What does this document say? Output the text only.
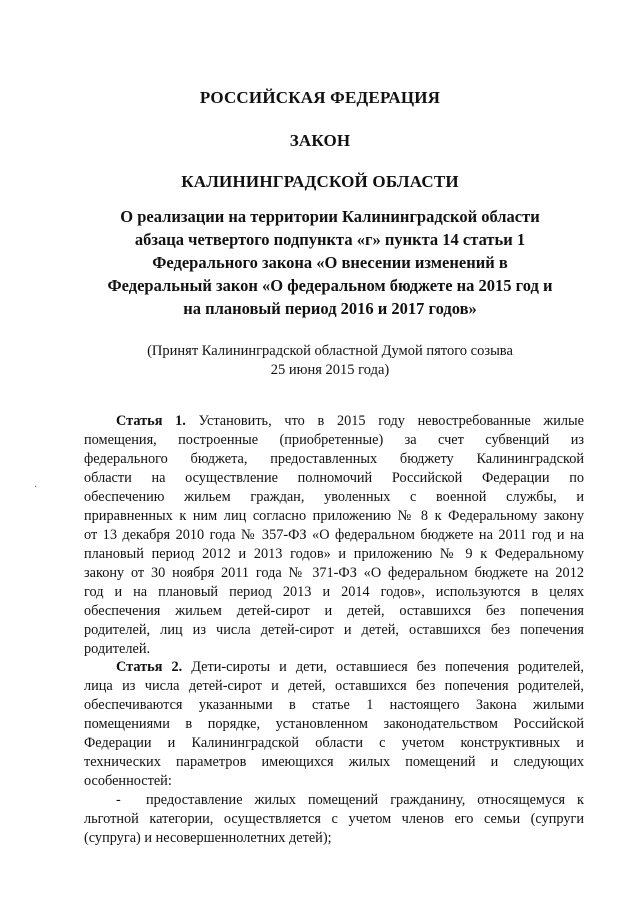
РОССИЙСКАЯ ФЕДЕРАЦИЯ
ЗАКОН
КАЛИНИНГРАДСКОЙ ОБЛАСТИ
О реализации на территории Калининградской области
абзаца четвертого подпункта «г» пункта 14 статьи 1
Федерального закона «О внесении изменений в
Федеральный закон «О федеральном бюджете на 2015 год и
на плановый период 2016 и 2017 годов»
(Принят Калининградской областной Думой пятого созыва
25 июня 2015 года)
·
Статья 1. Установить, что в 2015 году невостребованные жилые
помещения, построенные (приобретенные) за счет субвенций из
федерального бюджета, предоставленных бюджету Калининградской
области на осуществление полномочий Российской Федерации по
обеспечению жильем граждан, уволенных с военной службы, и
приравненных к ним лиц согласно приложению № 8 к Федеральному закону
от 13 декабря 2010 года № 357-ФЗ «О федеральном бюджете на 2011 год и на
плановый период 2012 и 2013 годов» и приложению № 9 к Федеральному
закону от 30 ноября 2011 года № 371-ФЗ «О федеральном бюджете на 2012
год и на плановый период 2013 и 2014 годов», используются в целях
обеспечения жильем детей-сирот и детей, оставшихся без попечения
родителей, лиц из числа детей-сирот и детей, оставшихся без попечения
родителей.
Статья 2. Дети-сироты и дети, оставшиеся без попечения родителей,
лица из числа детей-сирот и детей, оставшихся без попечения родителей,
обеспечиваются указанными в статье 1 настоящего Закона жилыми
помещениями в порядке, установленном законодательством Российской
Федерации и Калининградской области с учетом конструктивных и
технических параметров имеющихся жилых помещений и следующих
особенностей:
- предоставление жилых помещений гражданину, относящемуся к
льготной категории, осуществляется с учетом членов его семьи (супруги
(супруга) и несовершеннолетних детей);
